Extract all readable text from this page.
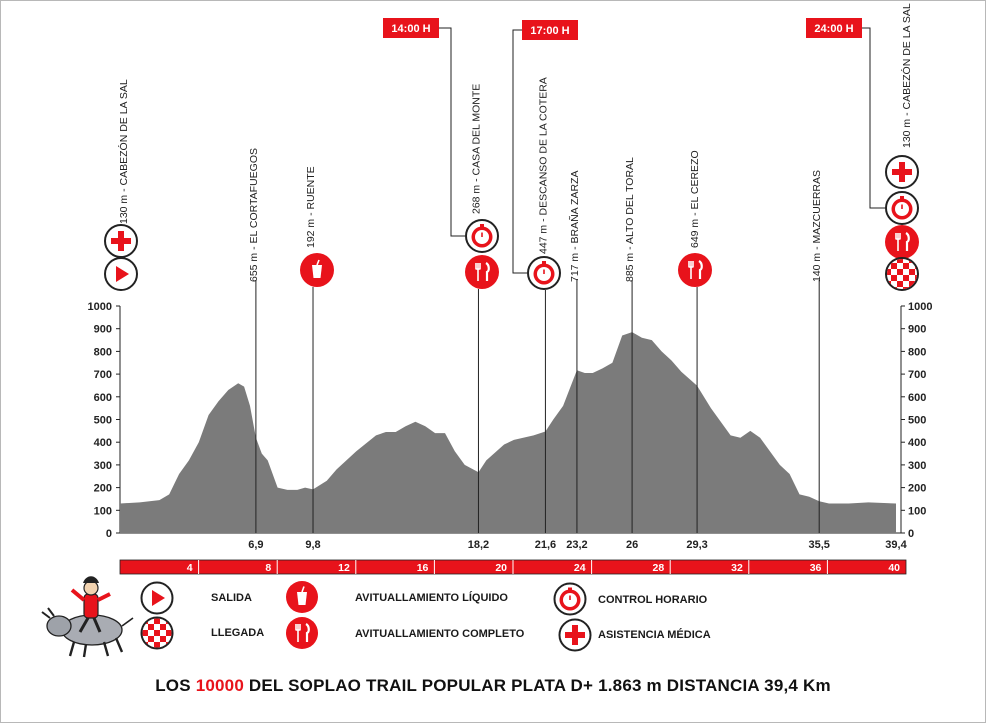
0	0
100	100
200	200
300	300
400	400
500	500
600	600
700	700
800	800
900	900
1000	1000
6,9	9,8	18,2	21,6 23,2	26	29,3	35,5	39,4
130 m - CABEZÓN DE LA SAL	655 m - EL CORTAFUEGOS	192 m - RUENTE	268 m - CASA DEL MONTE
14:00 H
447 m - DESCANSO DE LA COTERA
17:00 H
717 m - BRAÑA ZARZA	885 m - ALTO DEL TORAL	649 m - EL CEREZO	140 m - MAZCUERRAS
130 m - CABEZÓN DE LA SAL
24:00 H
4	8	12	16	20	24	28	32	36	40
SALIDA
LLEGADA
AVITUALLAMIENTO LÍQUIDO
AVITUALLAMIENTO COMPLETO
CONTROL HORARIO
ASISTENCIA MÉDICA
LOS 10000 DEL SOPLAO TRAIL POPULAR PLATA D+ 1.863 m DISTANCIA 39,4 Km
